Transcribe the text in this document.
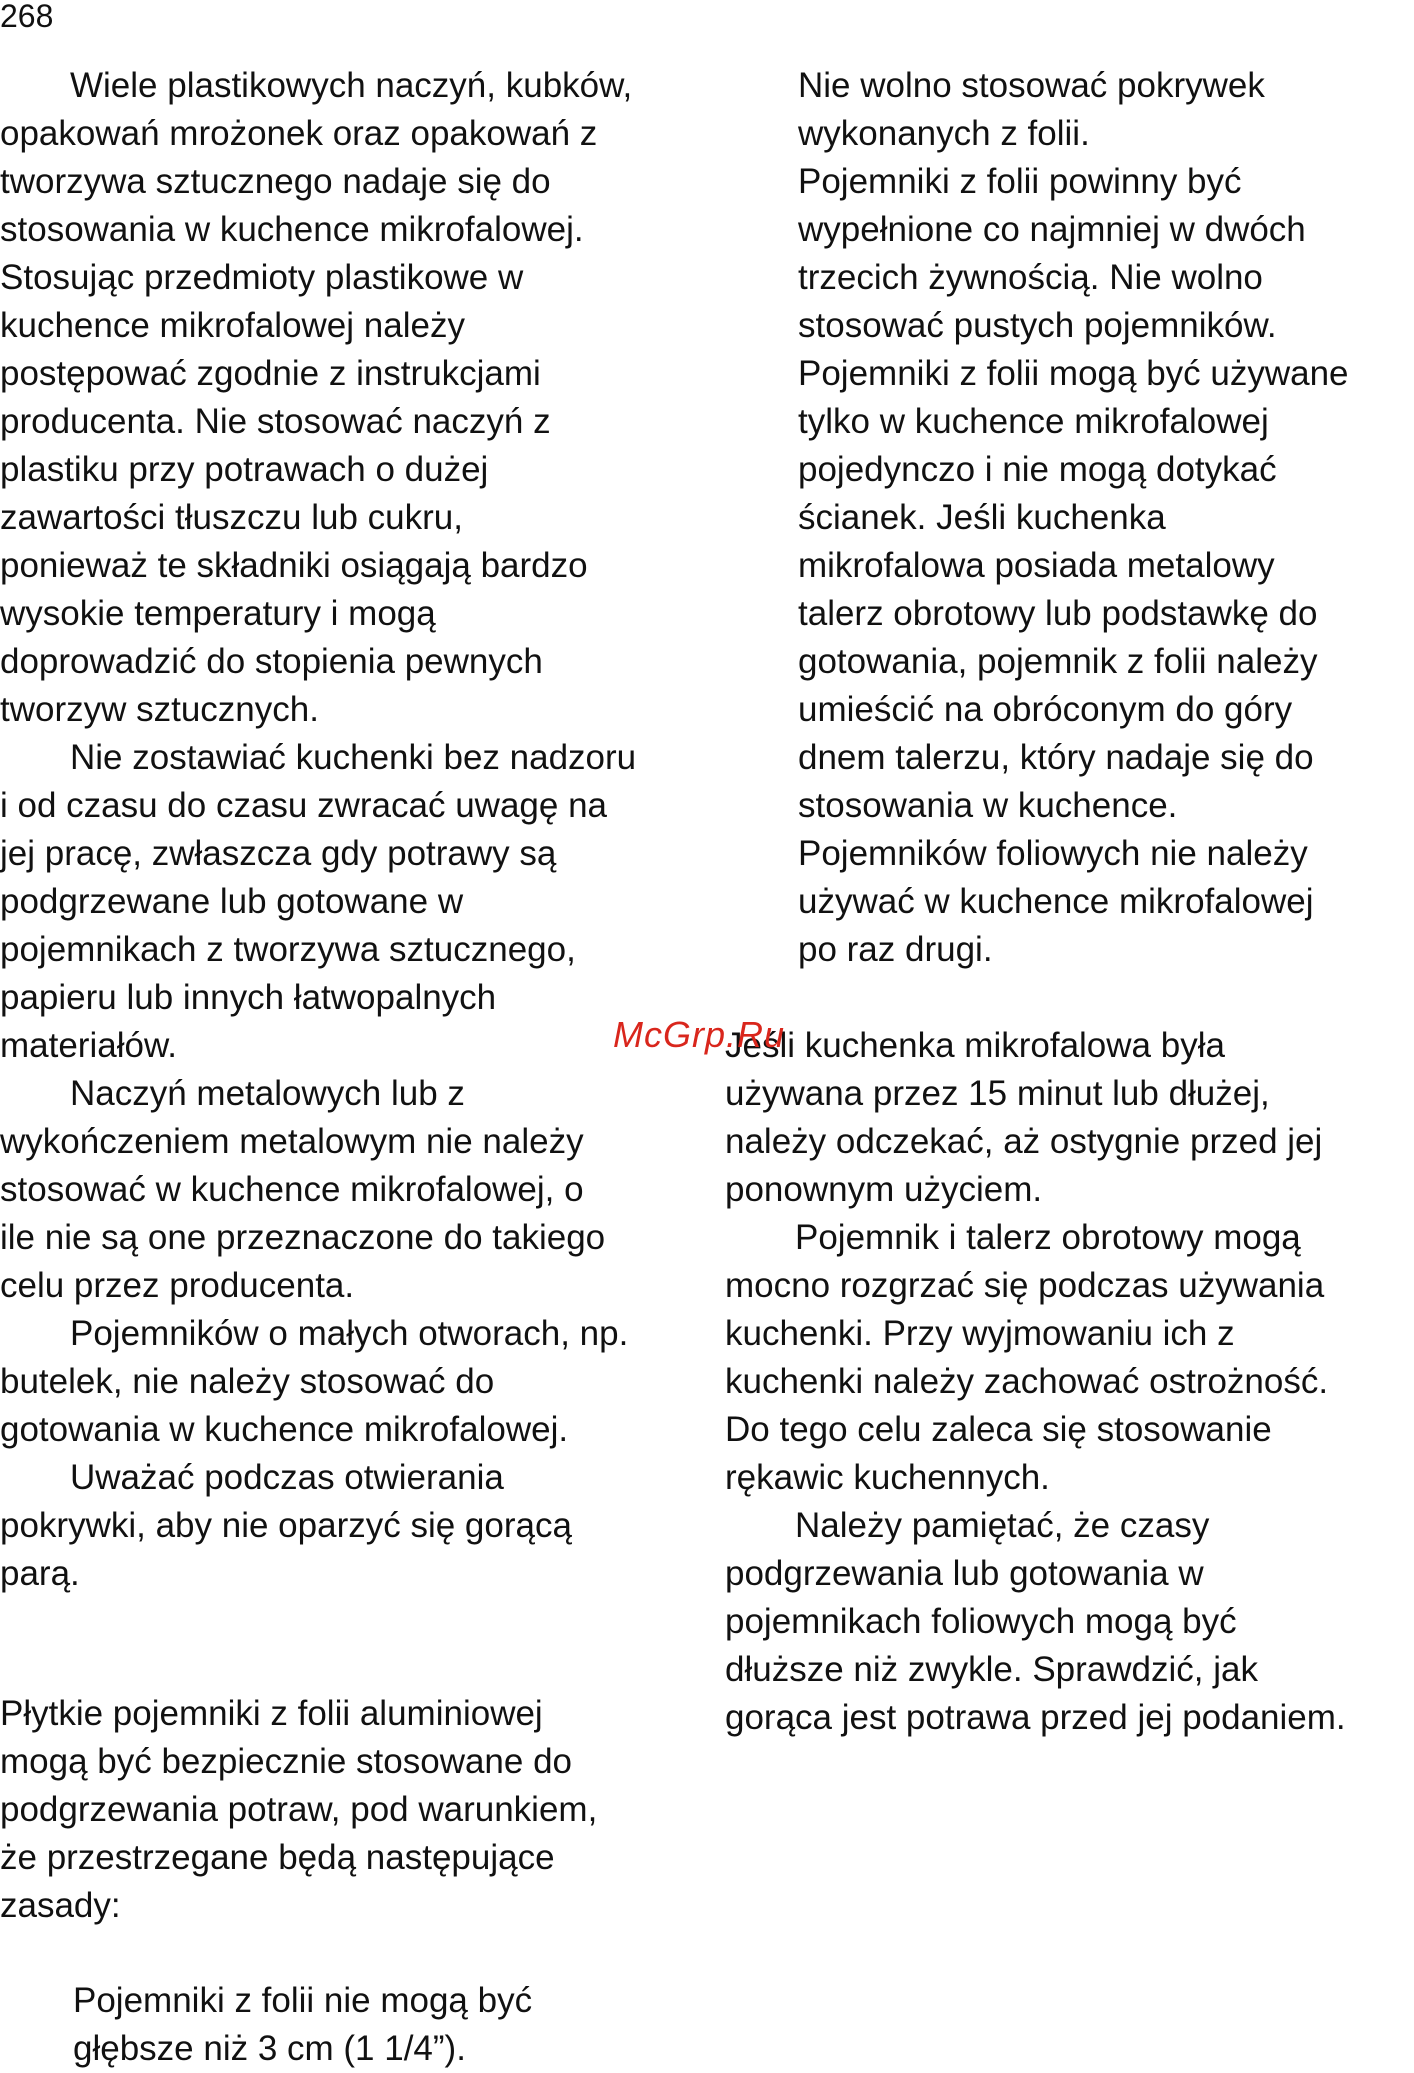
268
  Wiele plastikowych naczyń, kubków,
opakowań mrożonek oraz opakowań z
tworzywa sztucznego nadaje się do
stosowania w kuchence mikrofalowej.
Stosując przedmioty plastikowe w
kuchence mikrofalowej należy
postępować zgodnie z instrukcjami
producenta. Nie stosować naczyń z
plastiku przy potrawach o dużej
zawartości tłuszczu lub cukru,
ponieważ te składniki osiągają bardzo
wysokie temperatury i mogą
doprowadzić do stopienia pewnych
tworzyw sztucznych.
  Nie zostawiać kuchenki bez nadzoru
i od czasu do czasu zwracać uwagę na
jej pracę, zwłaszcza gdy potrawy są
podgrzewane lub gotowane w
pojemnikach z tworzywa sztucznego,
papieru lub innych łatwopalnych
materiałów.
  Naczyń metalowych lub z
wykończeniem metalowym nie należy
stosować w kuchence mikrofalowej, o
ile nie są one przeznaczone do takiego
celu przez producenta.
  Pojemników o małych otworach, np.
butelek, nie należy stosować do
gotowania w kuchence mikrofalowej.
  Uważać podczas otwierania
pokrywki, aby nie oparzyć się gorącą
parą.
Płytkie pojemniki z folii aluminiowej
mogą być bezpiecznie stosowane do
podgrzewania potraw, pod warunkiem,
że przestrzegane będą następujące
zasady:
Pojemniki z folii nie mogą być
głębsze niż 3 cm (1 1/4”).
Nie wolno stosować pokrywek
wykonanych z folii.
Pojemniki z folii powinny być
wypełnione co najmniej w dwóch
trzecich żywnością. Nie wolno
stosować pustych pojemników.
Pojemniki z folii mogą być używane
tylko w kuchence mikrofalowej
pojedynczo i nie mogą dotykać
ścianek. Jeśli kuchenka
mikrofalowa posiada metalowy
talerz obrotowy lub podstawkę do
gotowania, pojemnik z folii należy
umieścić na obróconym do góry
dnem talerzu, który nadaje się do
stosowania w kuchence.
Pojemników foliowych nie należy
używać w kuchence mikrofalowej
po raz drugi.
Jeśli kuchenka mikrofalowa była
używana przez 15 minut lub dłużej,
należy odczekać, aż ostygnie przed jej
ponownym użyciem.
  Pojemnik i talerz obrotowy mogą
mocno rozgrzać się podczas używania
kuchenki. Przy wyjmowaniu ich z
kuchenki należy zachować ostrożność.
Do tego celu zaleca się stosowanie
rękawic kuchennych.
  Należy pamiętać, że czasy
podgrzewania lub gotowania w
pojemnikach foliowych mogą być
dłuższe niż zwykle. Sprawdzić, jak
gorąca jest potrawa przed jej podaniem.
McGrp.Ru
